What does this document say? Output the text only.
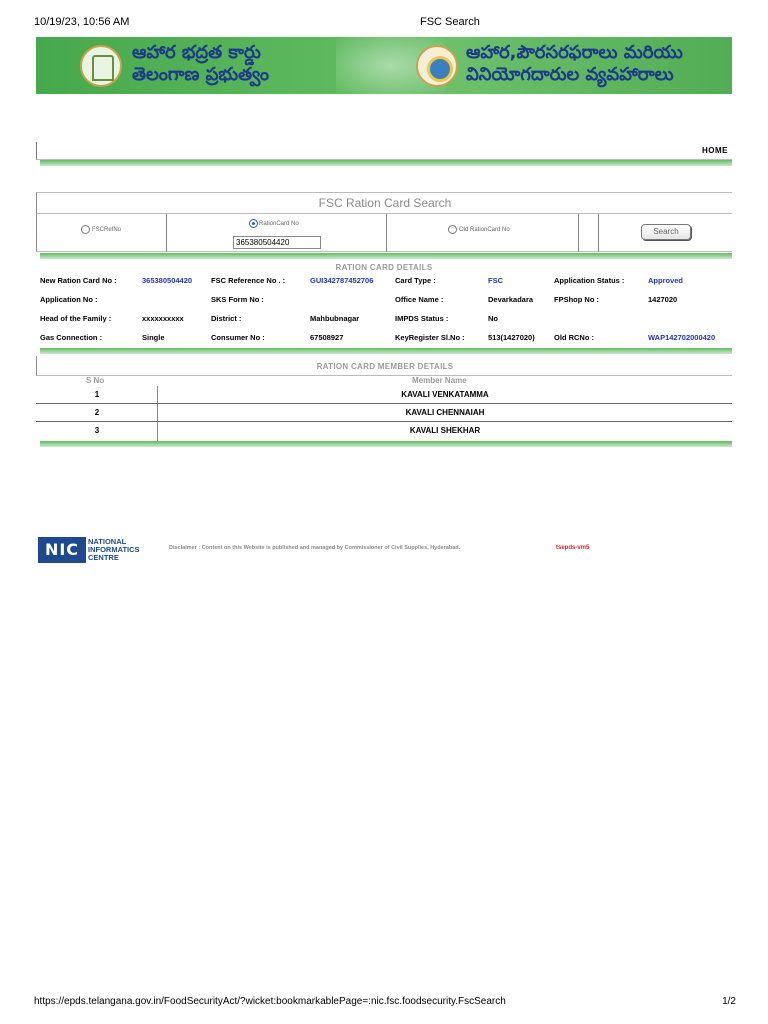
10/19/23, 10:56 AM	FSC Search
ఆహార భద్రత కార్డు
తెలంగాణ ప్రభుత్వం
ఆహార,పౌరసరఫరాలు మరియు
వినియోగదారుల వ్యవహారాలు
HOME
FSC Ration Card Search
FSCRefNo
RationCard No
365380504420
Old RationCard No	Search
RATION CARD DETAILS
New Ration Card No :	365380504420	FSC Reference No . :	GUI342787452706	Card Type :	FSC	Application Status :	Approved
Application No :	SKS Form No :	Office Name :	Devarkadara	FPShop No :	1427020
Head of the Family :	xxxxxxxxxx	District :	Mahbubnagar	IMPDS Status :	No
Gas Connection :	Single	Consumer No :	67508927	KeyRegister Sl.No :	513(1427020)	Old RCNo :	WAP142702000420
RATION CARD MEMBER DETAILS
S No	Member Name
1	KAVALI VENKATAMMA
2	KAVALI CHENNAIAH
3	KAVALI SHEKHAR
NIC	NATIONAL
INFORMATICS
CENTRE
Disclaimer : Content on this Website is published and managed by Commissioner of Civil Supplies, Hyderabad.	tsepds-vm5
https://epds.telangana.gov.in/FoodSecurityAct/?wicket:bookmarkablePage=:nic.fsc.foodsecurity.FscSearch	1/2
